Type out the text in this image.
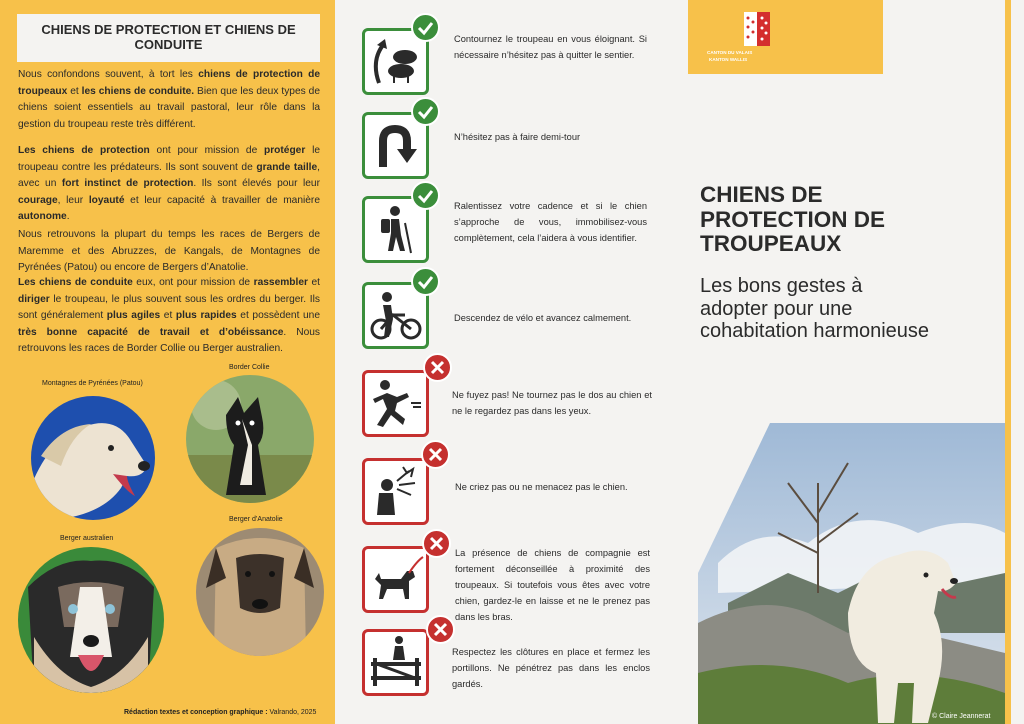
CHIENS DE PROTECTION ET CHIENS DE CONDUITE
Nous confondons souvent, à tort les chiens de protection de troupeaux et les chiens de conduite. Bien que les deux types de chiens soient essentiels au travail pastoral, leur rôle dans la gestion du troupeau reste très différent.
Les chiens de protection ont pour mission de protéger le troupeau contre les prédateurs. Ils sont souvent de grande taille, avec un fort instinct de protection. Ils sont élevés pour leur courage, leur loyauté et leur capacité à travailler de manière autonome.
Nous retrouvons la plupart du temps les races de Bergers de Maremme et des Abruzzes, de Kangals, de Montagnes de Pyrénées (Patou) ou encore de Bergers d’Anatolie.
Les chiens de conduite eux, ont pour mission de rassembler et diriger le troupeau, le plus souvent sous les ordres du berger. Ils sont généralement plus agiles et plus rapides et possèdent une très bonne capacité de travail et d’obéissance. Nous retrouvons les races de Border Collie ou Berger australien.
Montagnes de Pyrénées (Patou)
Border Collie
Berger australien
Berger d’Anatolie
Rédaction textes et conception graphique : Valrando, 2025
Contournez le troupeau en vous éloignant. Si nécessaire n’hésitez pas à quitter le sentier.
N’hésitez pas à faire demi-tour
Ralentissez votre cadence et si le chien s’approche de vous, immobilisez-vous complètement, cela l’aidera à vous identifier.
Descendez de vélo et avancez calmement.
Ne fuyez pas! Ne tournez pas le dos au chien et ne le regardez pas dans les yeux.
Ne criez pas ou ne menacez pas le chien.
La présence de chiens de compagnie est fortement déconseillée à proximité des troupeaux. Si toutefois vous êtes avec votre chien, gardez-le en laisse et ne le prenez pas dans les bras.
Respectez les clôtures en place et fermez les portillons. Ne pénétrez pas dans les enclos gardés.
CANTON DU VALAIS
KANTON WALLIS
CHIENS DE PROTECTION DE TROUPEAUX
Les bons gestes à adopter pour une cohabitation harmonieuse
© Claire Jeannerat
